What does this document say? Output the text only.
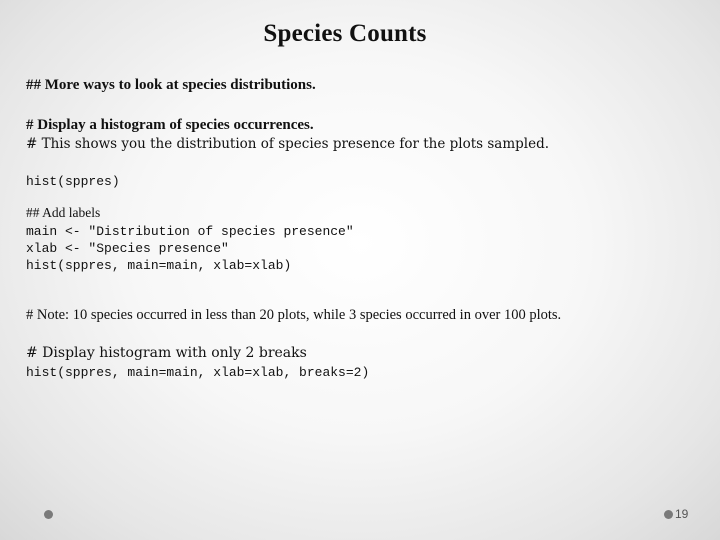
Species Counts
## More ways to look at species distributions.
# Display a histogram of species occurrences.
# This shows you the distribution of species presence for the plots sampled.
hist(sppres)
## Add labels
main <- "Distribution of species presence"
xlab <- "Species presence"
hist(sppres, main=main, xlab=xlab)
# Note: 10 species occurred in less than 20 plots, while 3 species occurred in over 100 plots.
# Display histogram with only 2 breaks
hist(sppres, main=main, xlab=xlab, breaks=2)
19
